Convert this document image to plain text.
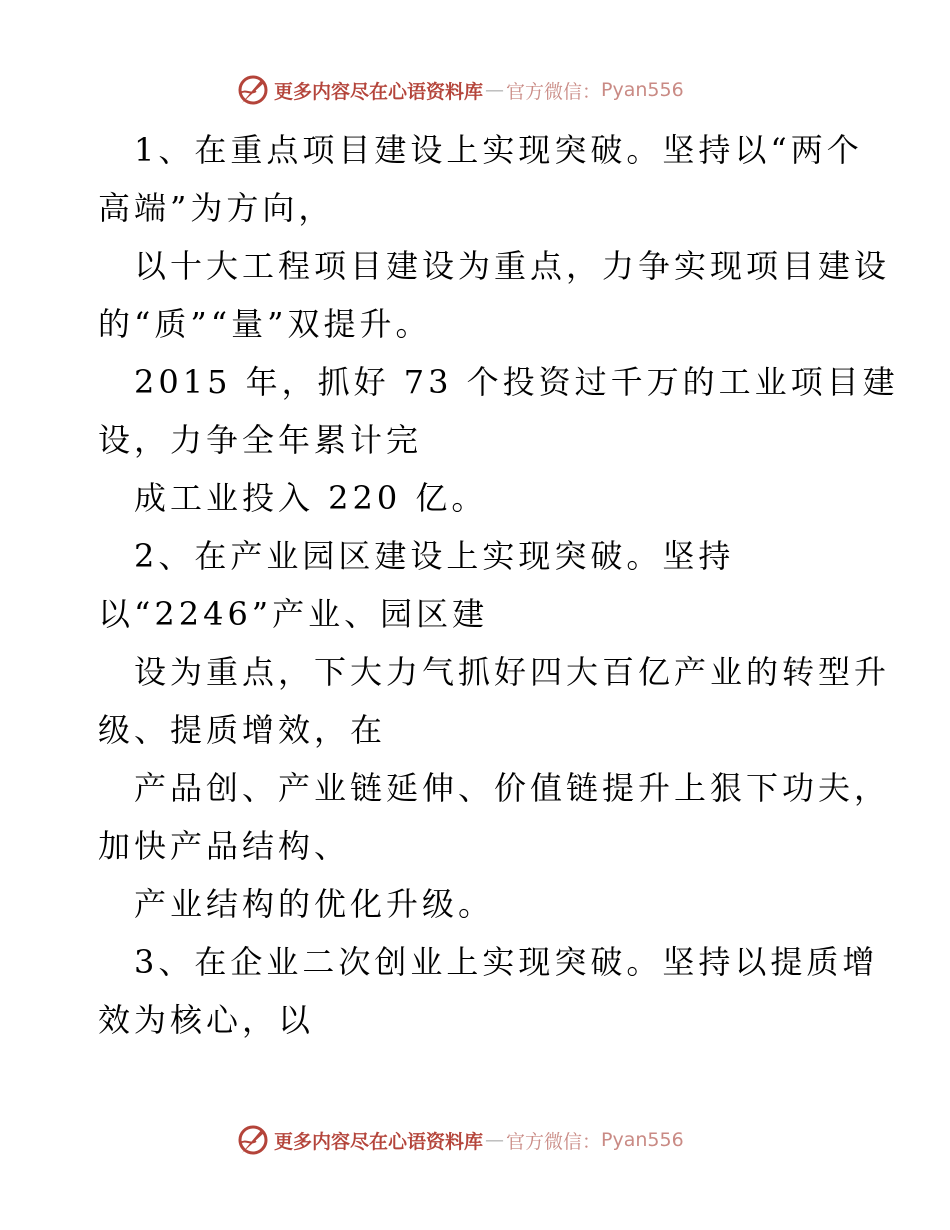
更多内容尽在心语资料库 — 官方微信： Pyan556
1、在重点项目建设上实现突破。坚持以“两个
高端”为方向，
以十大工程项目建设为重点，力争实现项目建设
的“质”“量”双提升。
2015 年，抓好 73 个投资过千万的工业项目建
设，力争全年累计完
成工业投入 220 亿。
2、在产业园区建设上实现突破。坚持
以“2246”产业、园区建
设为重点，下大力气抓好四大百亿产业的转型升
级、提质增效，在
产品创、产业链延伸、价值链提升上狠下功夫，
加快产品结构、
产业结构的优化升级。
3、在企业二次创业上实现突破。坚持以提质增
效为核心，以
更多内容尽在心语资料库 — 官方微信： Pyan556
